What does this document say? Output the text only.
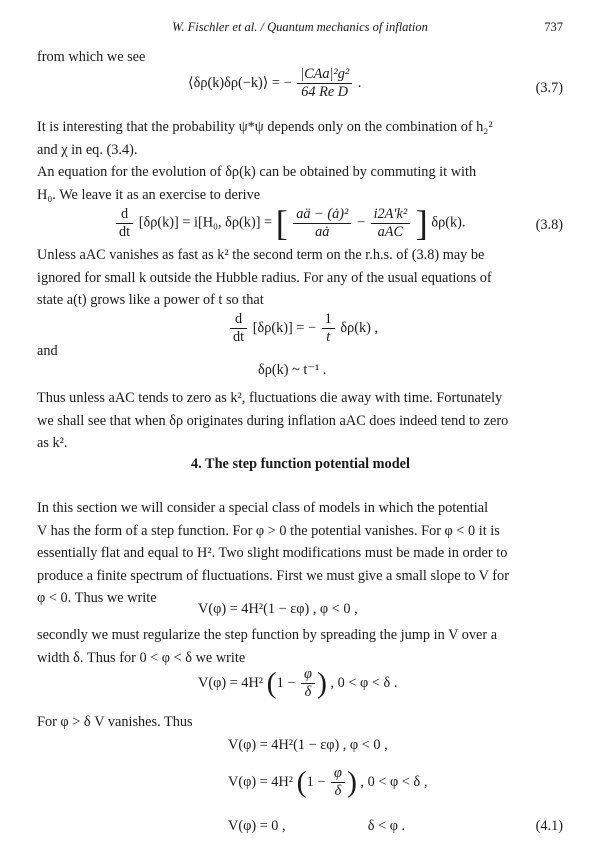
W. Fischler et al. / Quantum mechanics of inflation	737
from which we see
⟨δρ(k)δρ(−k)⟩ = − $\frac{\text{|CAa|²g²}}{\text{64 Re D}}$ .	(3.7)
It is interesting that the probability ψ*ψ depends only on the combination of h₂²
and χ in eq. (3.4).
An equation for the evolution of δρ(k) can be obtained by commuting it with
H₀. We leave it as an exercise to derive
$\frac{d}{dt} [\delta\rho(k)] = i[H_0$, δρ(k)] = [ $\frac{\text{aä − (ȧ)²}}{aȧ} - \frac{\text{i2A′k²}}{\text{aAC}}$ ] δρ(k).	(3.8)
Unless aAC vanishes as fast as k² the second term on the r.h.s. of (3.8) may be
ignored for small k outside the Hubble radius. For any of the usual equations of
state a(t) grows like a power of t so that
$\frac{d}{dt} [\delta\rho(k)]$ = − $\frac{1}{t} \delta\rho(k)$ ,
and
δρ(k) ~ t⁻¹ .
Thus unless aAC tends to zero as k², fluctuations die away with time. Fortunately
we shall see that when δρ originates during inflation aAC does indeed tend to zero
as k².
4. The step function potential model
In this section we will consider a special class of models in which the potential
V has the form of a step function. For φ > 0 the potential vanishes. For φ < 0 it is
essentially flat and equal to H². Two slight modifications must be made in order to
produce a finite spectrum of fluctuations. First we must give a small slope to V for
φ < 0. Thus we write
V(φ) = 4H²(1 − εφ) , φ < 0 ,
secondly we must regularize the step function by spreading the jump in V over a
width δ. Thus for 0 < φ < δ we write
V(φ) = 4H² ($1 - \frac{\varphi}{\delta}$ ) , 0 < φ < δ .
For φ > δ V vanishes. Thus
V(φ) = 4H²(1 − εφ) , φ < 0 ,
V(φ) = 4H² ($1 - \frac{\varphi}{\delta}$ ) , 0 < φ < δ ,
V(φ) = 0 ,	δ < φ .	(4.1)
